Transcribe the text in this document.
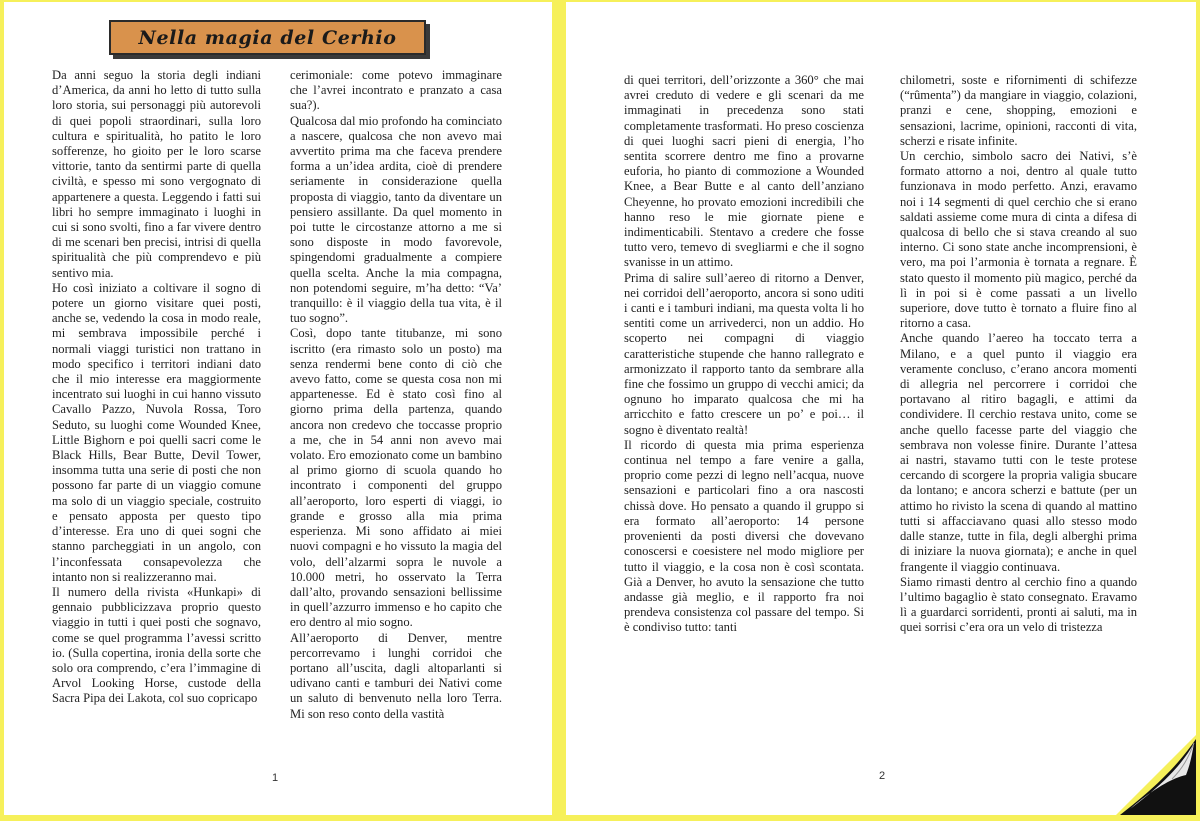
Nella magia del Cerhio

Da anni seguo la storia degli indiani d’America, da anni ho letto di tutto sulla loro storia, sui personaggi più autorevoli di quei popoli straordinari, sulla loro cultura e spiritualità, ho patito le loro sofferenze, ho gioito per le loro scarse vittorie, tanto da sentirmi parte di quella civiltà, e spesso mi sono vergognato di appartenere a questa. Leggendo i fatti sui libri ho sempre immaginato i luoghi in cui si sono svolti, fino a far vivere dentro di me scenari ben precisi, intrisi di quella spiritualità che più comprendevo e più sentivo mia.

Ho così iniziato a coltivare il sogno di potere un giorno visitare quei posti, anche se, vedendo la cosa in modo reale, mi sembrava impossibile perché i normali viaggi turistici non trattano in modo specifico i territori indiani dato che il mio interesse era maggiormente incentrato sui luoghi in cui hanno vissuto Cavallo Pazzo, Nuvola Rossa, Toro Seduto, su luoghi come Wounded Knee, Little Bighorn e poi quelli sacri come le Black Hills, Bear Butte, Devil Tower, insomma tutta una serie di posti che non possono far parte di un viaggio comune ma solo di un viaggio speciale, costruito e pensato apposta per questo tipo d’interesse. Era uno di quei sogni che stanno parcheggiati in un angolo, con l’inconfessata consapevolezza che intanto non si realizzeranno mai.

Il numero della rivista «Hunkapi» di gennaio pubblicizzava proprio questo viaggio in tutti i quei posti che sognavo, come se quel programma l’avessi scritto io. (Sulla copertina, ironia della sorte che solo ora comprendo, c’era l’immagine di Arvol Looking Horse, custode della Sacra Pipa dei Lakota, col suo copricapo

cerimoniale: come potevo immaginare che l’avrei incontrato e pranzato a casa sua?).

Qualcosa dal mio profondo ha cominciato a nascere, qualcosa che non avevo mai avvertito prima ma che faceva prendere forma a un’idea ardita, cioè di prendere seriamente in considerazione quella proposta di viaggio, tanto da diventare un pensiero assillante. Da quel momento in poi tutte le circostanze attorno a me si sono disposte in modo favorevole, spingendomi gradualmente a compiere quella scelta. Anche la mia compagna, non potendomi seguire, m’ha detto: “Va’ tranquillo: è il viaggio della tua vita, è il tuo sogno”.

Così, dopo tante titubanze, mi sono iscritto (era rimasto solo un posto) ma senza rendermi bene conto di ciò che avevo fatto, come se questa cosa non mi appartenesse. Ed è stato così fino al giorno prima della partenza, quando ancora non credevo che toccasse proprio a me, che in 54 anni non avevo mai volato. Ero emozionato come un bambino al primo giorno di scuola quando ho incontrato i componenti del gruppo all’aeroporto, loro esperti di viaggi, io grande e grosso alla mia prima esperienza. Mi sono affidato ai miei nuovi compagni e ho vissuto la magia del volo, dell’alzarmi sopra le nuvole a 10.000 metri, ho osservato la Terra dall’alto, provando sensazioni bellissime in quell’azzurro immenso e ho capito che ero dentro al mio sogno.

All’aeroporto di Denver, mentre percorrevamo i lunghi corridoi che portano all’uscita, dagli altoparlanti si udivano canti e tamburi dei Nativi come un saluto di benvenuto nella loro Terra. Mi son reso conto della vastità

1

di quei territori, dell’orizzonte a 360° che mai avrei creduto di vedere e gli scenari da me immaginati in precedenza sono stati completamente trasformati. Ho preso coscienza di quei luoghi sacri pieni di energia, l’ho sentita scorrere dentro me fino a provarne euforia, ho pianto di commozione a Wounded Knee, a Bear Butte e al canto dell’anziano Cheyenne, ho provato emozioni incredibili che hanno reso le mie giornate piene e indimenticabili. Stentavo a credere che fosse tutto vero, temevo di svegliarmi e che il sogno svanisse in un attimo.

Prima di salire sull’aereo di ritorno a Denver, nei corridoi dell’aeroporto, ancora si sono uditi i canti e i tamburi indiani, ma questa volta li ho sentiti come un arrivederci, non un addio. Ho scoperto nei compagni di viaggio caratteristiche stupende che hanno rallegrato e armonizzato il rapporto tanto da sembrare alla fine che fossimo un gruppo di vecchi amici; da ognuno ho imparato qualcosa che mi ha arricchito e fatto crescere un po’ e poi… il sogno è diventato realtà!

Il ricordo di questa mia prima esperienza continua nel tempo a fare venire a galla, proprio come pezzi di legno nell’acqua, nuove sensazioni e particolari fino a ora nascosti chissà dove. Ho pensato a quando il gruppo si era formato all’aeroporto: 14 persone provenienti da posti diversi che dovevano conoscersi e coesistere nel modo migliore per tutto il viaggio, e la cosa non è così scontata. Già a Denver, ho avuto la sensazione che tutto andasse già meglio, e il rapporto fra noi prendeva consistenza col passare del tempo. Si è condiviso tutto: tanti

chilometri, soste e rifornimenti di schifezze (“rûmenta”) da mangiare in viaggio, colazioni, pranzi e cene, shopping, emozioni e sensazioni, lacrime, opinioni, racconti di vita, scherzi e risate infinite.

Un cerchio, simbolo sacro dei Nativi, s’è formato attorno a noi, dentro al quale tutto funzionava in modo perfetto. Anzi, eravamo noi i 14 segmenti di quel cerchio che si erano saldati assieme come mura di cinta a difesa di qualcosa di bello che si stava creando al suo interno. Ci sono state anche incomprensioni, è vero, ma poi l’armonia è tornata a regnare. È stato questo il momento più magico, perché da lì in poi si è come passati a un livello superiore, dove tutto è tornato a fluire fino al ritorno a casa.

Anche quando l’aereo ha toccato terra a Milano, e a quel punto il viaggio era veramente concluso, c’erano ancora momenti di allegria nel percorrere i corridoi che portavano al ritiro bagagli, e attimi da condividere. Il cerchio restava unito, come se anche quello facesse parte del viaggio che sembrava non volesse finire. Durante l’attesa ai nastri, stavamo tutti con le teste protese cercando di scorgere la propria valigia sbucare da lontano; e ancora scherzi e battute (per un attimo ho rivisto la scena di quando al mattino tutti si affacciavano quasi allo stesso modo dalle stanze, tutte in fila, degli alberghi prima di iniziare la nuova giornata); e anche in quel frangente il viaggio continuava.

Siamo rimasti dentro al cerchio fino a quando l’ultimo bagaglio è stato consegnato. Eravamo lì a guardarci sorridenti, pronti ai saluti, ma in quei sorrisi c’era ora un velo di tristezza

2
